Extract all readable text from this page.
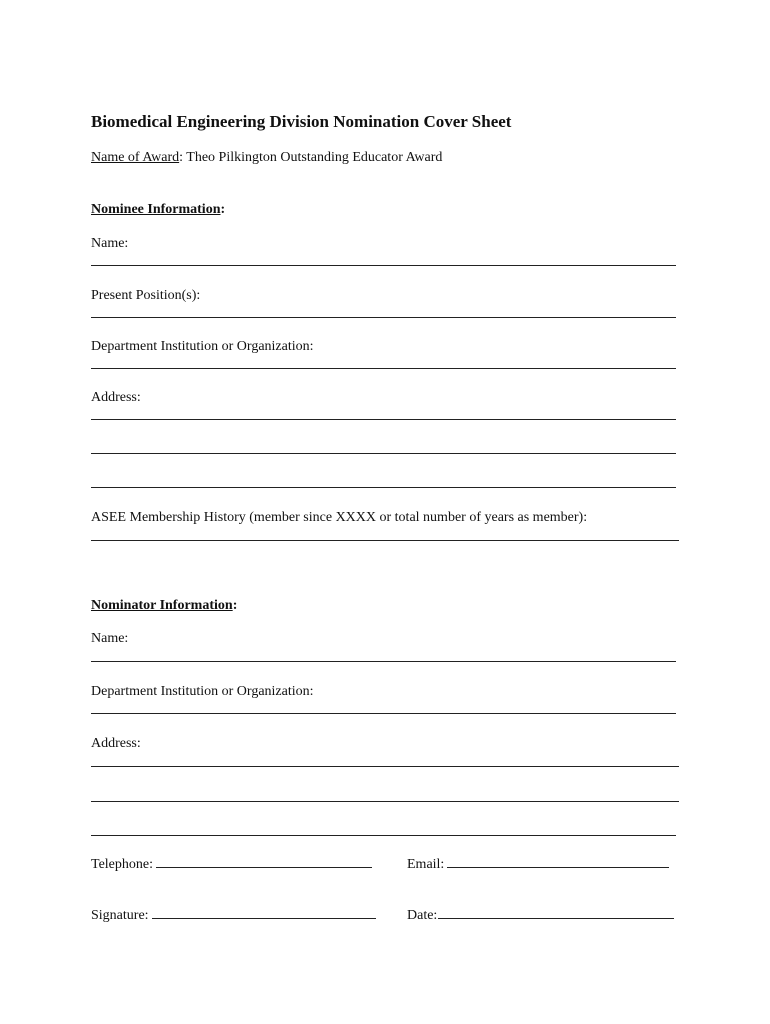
Biomedical Engineering Division Nomination Cover Sheet
Name of Award: Theo Pilkington Outstanding Educator Award
Nominee Information:
Name:
Present Position(s):
Department Institution or Organization:
Address:
ASEE Membership History (member since XXXX or total number of years as member):
Nominator Information:
Name:
Department Institution or Organization:
Address:
Telephone:	Email:
Signature:	Date:
